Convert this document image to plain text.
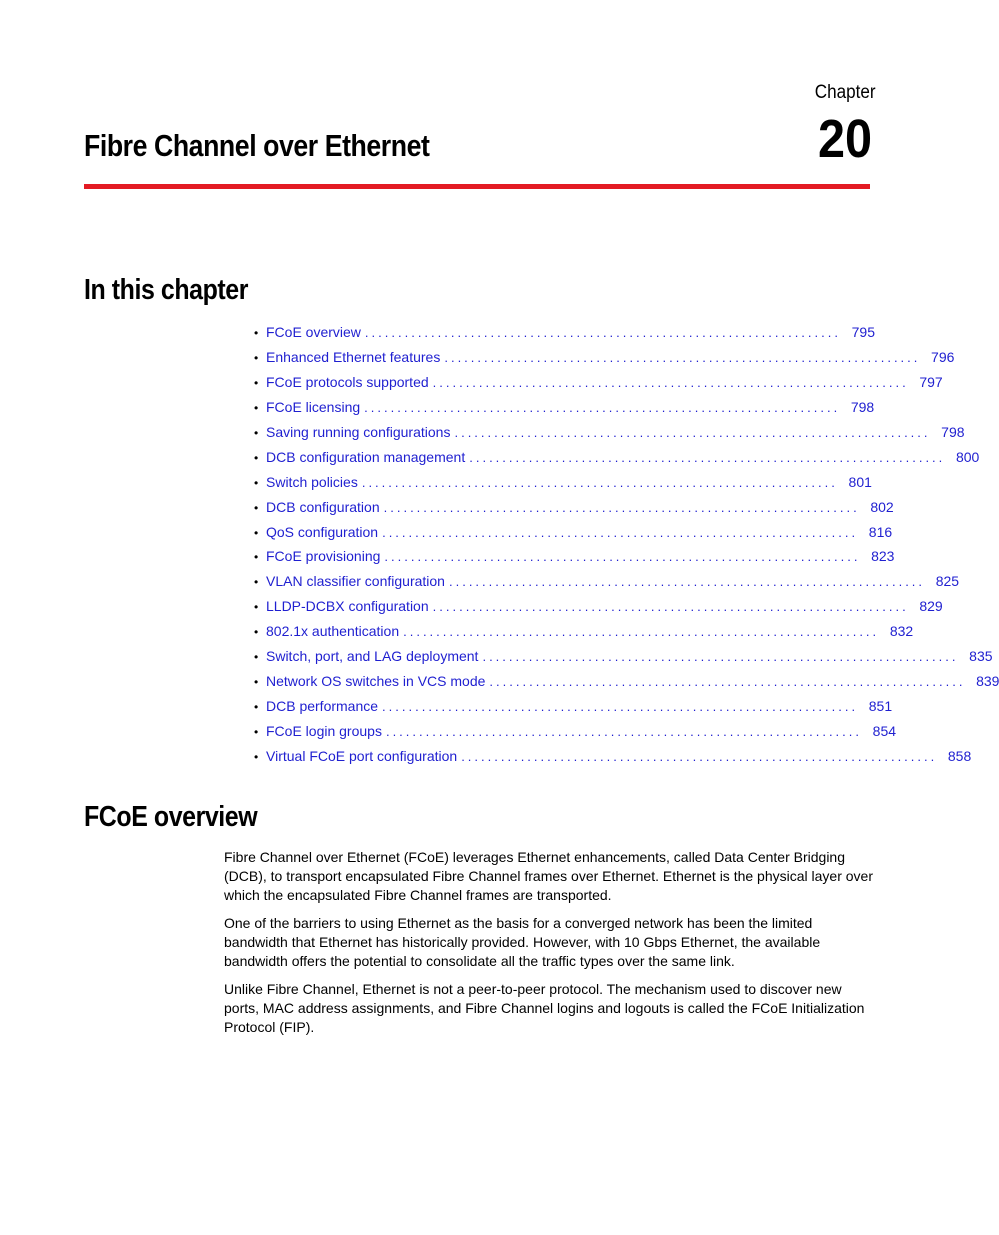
Chapter
20
Fibre Channel over Ethernet
In this chapter
• FCoE overview ........................................................................ 795
• Enhanced Ethernet features ........................................................................ 796
• FCoE protocols supported ........................................................................ 797
• FCoE licensing ........................................................................ 798
• Saving running configurations ........................................................................ 798
• DCB configuration management ........................................................................ 800
• Switch policies ........................................................................ 801
• DCB configuration ........................................................................ 802
• QoS configuration ........................................................................ 816
• FCoE provisioning ........................................................................ 823
• VLAN classifier configuration ........................................................................ 825
• LLDP-DCBX configuration ........................................................................ 829
• 802.1x authentication ........................................................................ 832
• Switch, port, and LAG deployment ........................................................................ 835
• Network OS switches in VCS mode ........................................................................ 839
• DCB performance ........................................................................ 851
• FCoE login groups ........................................................................ 854
• Virtual FCoE port configuration ........................................................................ 858
FCoE overview

Fibre Channel over Ethernet (FCoE) leverages Ethernet enhancements, called Data Center Bridging (DCB), to transport encapsulated Fibre Channel frames over Ethernet. Ethernet is the physical layer over which the encapsulated Fibre Channel frames are transported.

One of the barriers to using Ethernet as the basis for a converged network has been the limited bandwidth that Ethernet has historically provided. However, with 10 Gbps Ethernet, the available bandwidth offers the potential to consolidate all the traffic types over the same link.

Unlike Fibre Channel, Ethernet is not a peer-to-peer protocol. The mechanism used to discover new ports, MAC address assignments, and Fibre Channel logins and logouts is called the FCoE Initialization Protocol (FIP).
